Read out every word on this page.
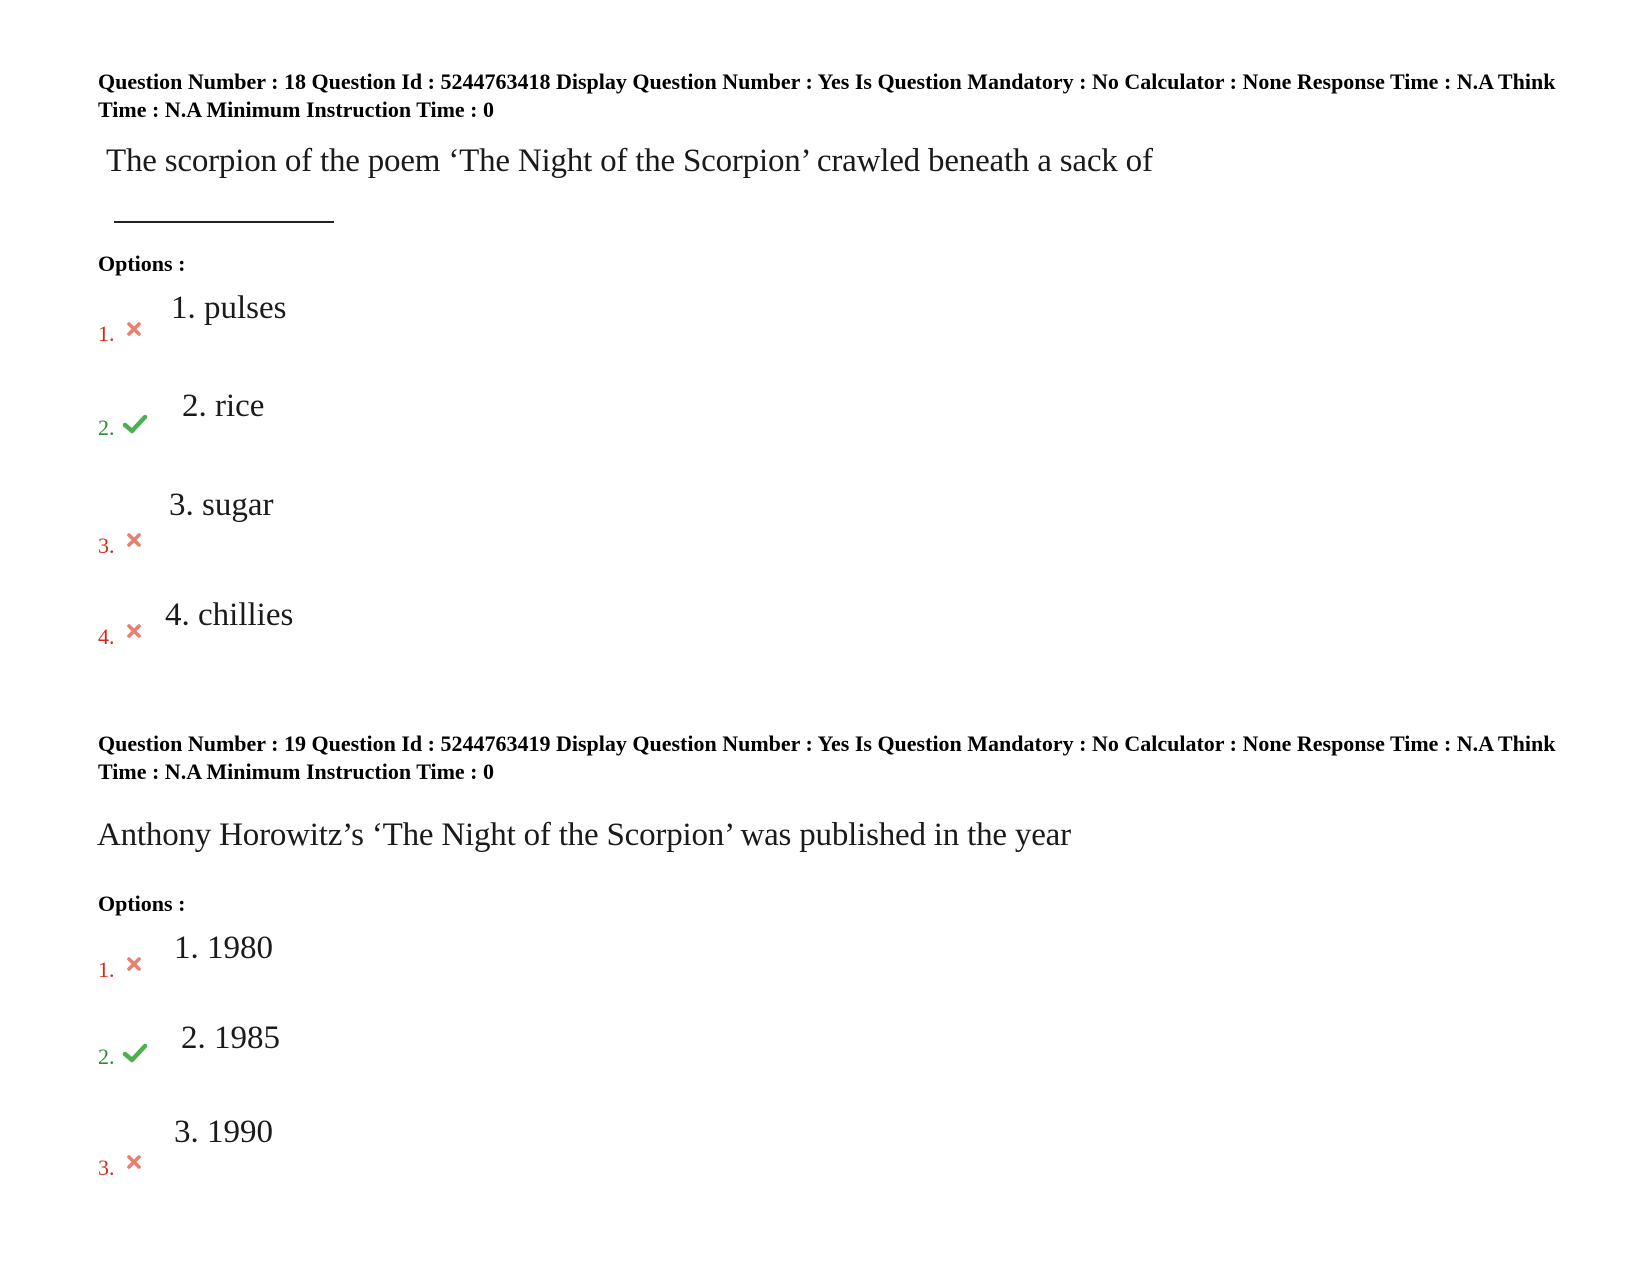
Question Number : 18 Question Id : 5244763418 Display Question Number : Yes Is Question Mandatory : No Calculator : None Response Time : N.A Think Time : N.A Minimum Instruction Time : 0
The scorpion of the poem ‘The Night of the Scorpion’ crawled beneath a sack of
Options :
1.
1. pulses
2.
2. rice
3.
3. sugar
4.
4. chillies
Question Number : 19 Question Id : 5244763419 Display Question Number : Yes Is Question Mandatory : No Calculator : None Response Time : N.A Think Time : N.A Minimum Instruction Time : 0
Anthony Horowitz’s ‘The Night of the Scorpion’ was published in the year
Options :
1.
1. 1980
2.
2. 1985
3.
3. 1990
